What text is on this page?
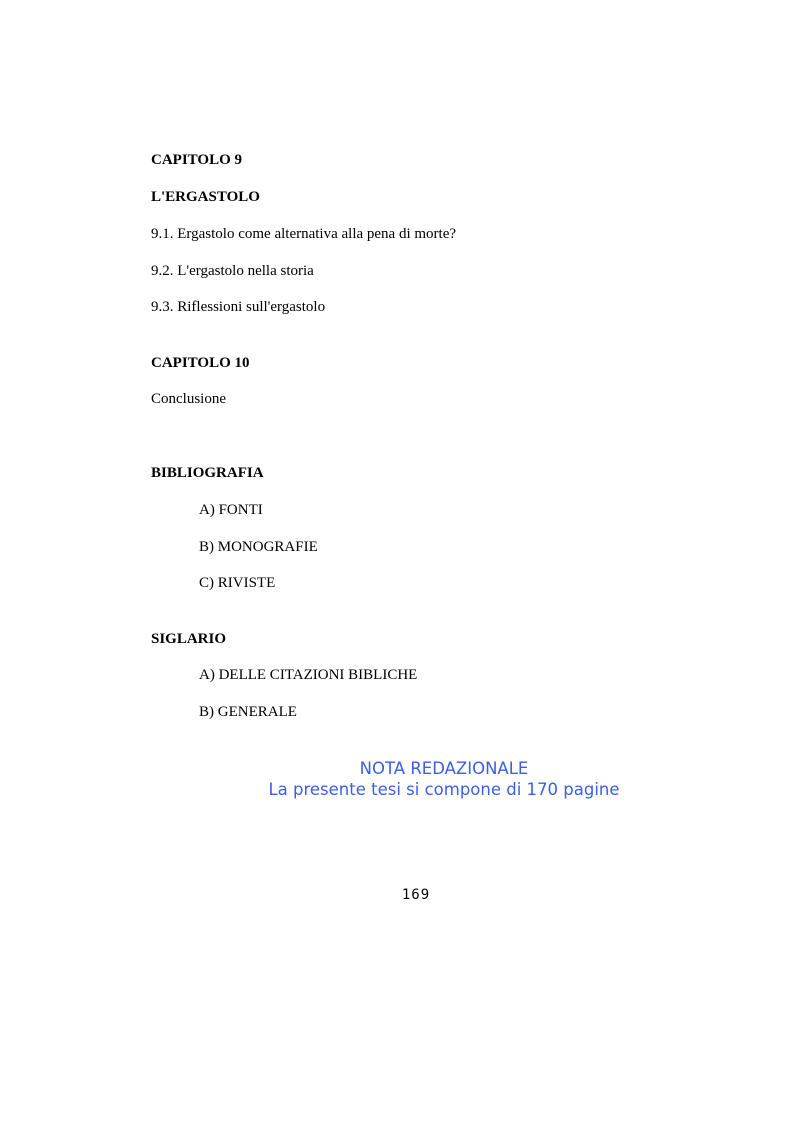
CAPITOLO 9
L'ERGASTOLO
9.1. Ergastolo come alternativa alla pena di morte?
9.2. L'ergastolo nella storia
9.3. Riflessioni sull'ergastolo
CAPITOLO 10
Conclusione
BIBLIOGRAFIA
A) FONTI
B) MONOGRAFIE
C) RIVISTE
SIGLARIO
A) DELLE CITAZIONI BIBLICHE
B) GENERALE
NOTA REDAZIONALE
La presente tesi si compone di 170 pagine
169
